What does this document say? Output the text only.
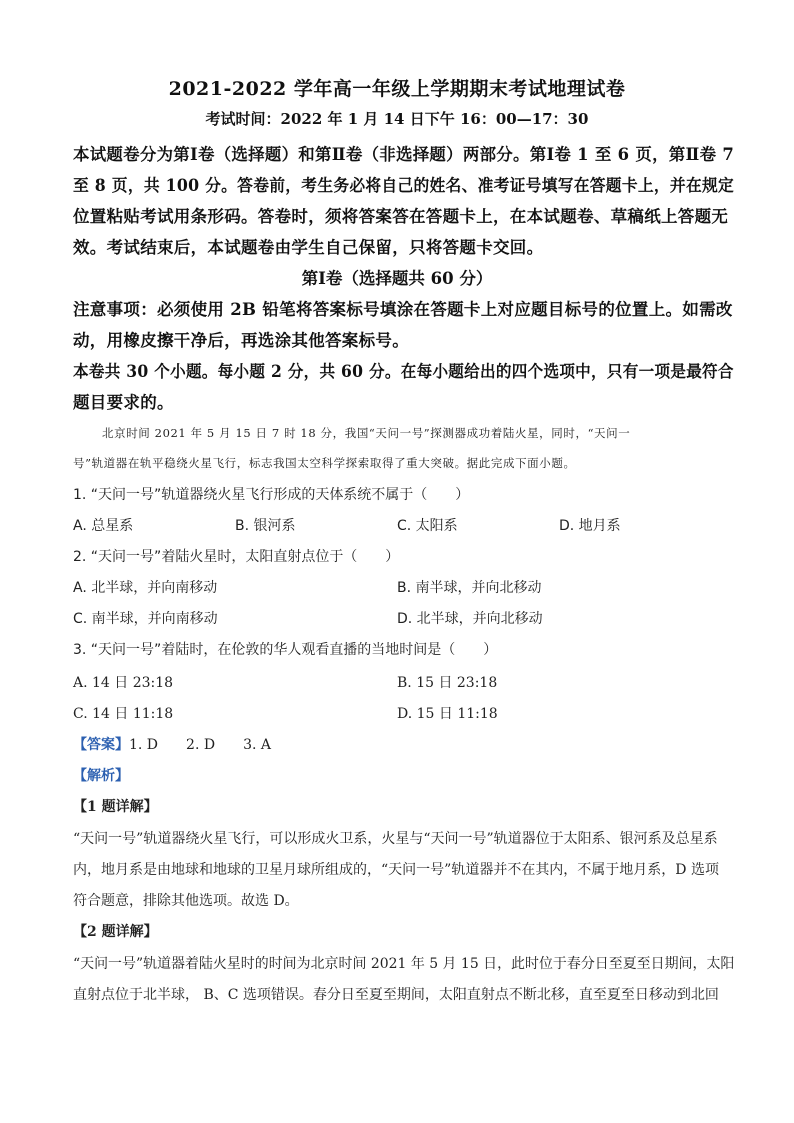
2021-2022 学年高一年级上学期期末考试地理试卷
考试时间：2022 年 1 月 14 日下午 16：00—17：30
本试题卷分为第Ⅰ卷（选择题）和第Ⅱ卷（非选择题）两部分。第Ⅰ卷 1 至 6 页，第Ⅱ卷 7
至 8 页，共 100 分。答卷前，考生务必将自己的姓名、准考证号填写在答题卡上，并在规定
位置粘贴考试用条形码。答卷时，须将答案答在答题卡上，在本试题卷、草稿纸上答题无
效。考试结束后，本试题卷由学生自己保留，只将答题卡交回。
第Ⅰ卷（选择题共 60 分）
注意事项：必须使用 2B 铅笔将答案标号填涂在答题卡上对应题目标号的位置上。如需改
动，用橡皮擦干净后，再选涂其他答案标号。
本卷共 30 个小题。每小题 2 分，共 60 分。在每小题给出的四个选项中，只有一项是最符合
题目要求的。
北京时间 2021 年 5 月 15 日 7 时 18 分，我国“天问一号”探测器成功着陆火星，同时，“天问一
号”轨道器在轨平稳绕火星飞行，标志我国太空科学探索取得了重大突破。据此完成下面小题。
1. “天问一号”轨道器绕火星飞行形成的天体系统不属于（　　）
A. 总星系	B. 银河系	C. 太阳系	D. 地月系
2. “天问一号”着陆火星时，太阳直射点位于（　　）
A. 北半球，并向南移动	B. 南半球，并向北移动
C. 南半球，并向南移动	D. 北半球，并向北移动
3. “天问一号”着陆时，在伦敦的华人观看直播的当地时间是（　　）
A. 14 日 23:18	B. 15 日 23:18
C. 14 日 11:18	D. 15 日 11:18
【答案】1. D　　2. D　　3. A
【解析】
【1 题详解】
“天问一号”轨道器绕火星飞行，可以形成火卫系，火星与“天问一号”轨道器位于太阳系、银河系及总星系
内，地月系是由地球和地球的卫星月球所组成的，“天问一号”轨道器并不在其内，不属于地月系，D 选项
符合题意，排除其他选项。故选 D。
【2 题详解】
“天问一号”轨道器着陆火星时的时间为北京时间 2021 年 5 月 15 日，此时位于春分日至夏至日期间，太阳
直射点位于北半球， B、C 选项错误。春分日至夏至期间，太阳直射点不断北移，直至夏至日移动到北回
